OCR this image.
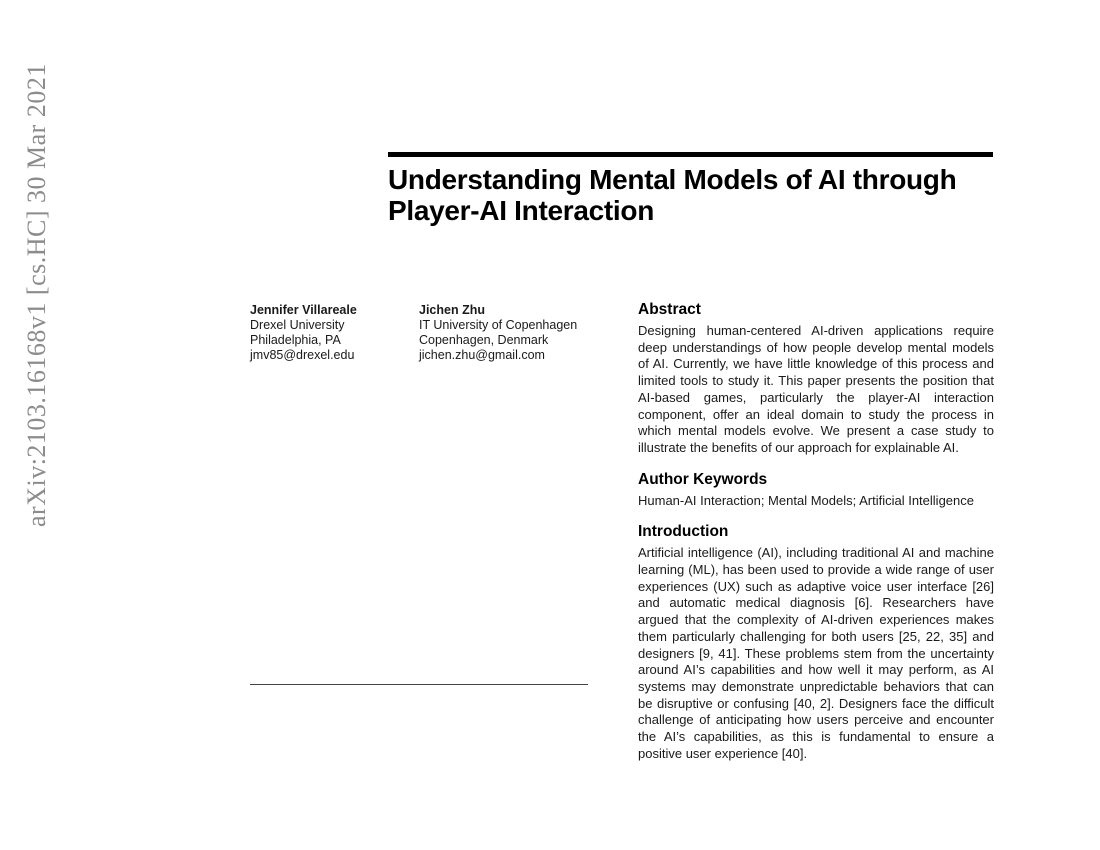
arXiv:2103.16168v1 [cs.HC] 30 Mar 2021	Understanding Mental Models of AI through
Player-AI Interaction
Jennifer Villareale
Drexel University
Philadelphia, PA
jmv85@drexel.edu
Jichen Zhu
IT University of Copenhagen
Copenhagen, Denmark
jichen.zhu@gmail.com
Abstract
Designing human-centered AI-driven applications require deep understandings of how people develop mental models of AI. Currently, we have little knowledge of this process and limited tools to study it. This paper presents the position that AI-based games, particularly the player-AI interaction component, offer an ideal domain to study the process in which mental models evolve. We present a case study to illustrate the benefits of our approach for explainable AI.
Author Keywords
Human-AI Interaction; Mental Models; Artificial Intelligence
Introduction
Artificial intelligence (AI), including traditional AI and machine learning (ML), has been used to provide a wide range of user experiences (UX) such as adaptive voice user interface [26] and automatic medical diagnosis [6]. Researchers have argued that the complexity of AI-driven experiences makes them particularly challenging for both users [25, 22, 35] and designers [9, 41]. These problems stem from the uncertainty around AI’s capabilities and how well it may perform, as AI systems may demonstrate unpredictable behaviors that can be disruptive or confusing [40, 2]. Designers face the difficult challenge of anticipating how users perceive and encounter the AI’s capabilities, as this is fundamental to ensure a positive user experience [40].
